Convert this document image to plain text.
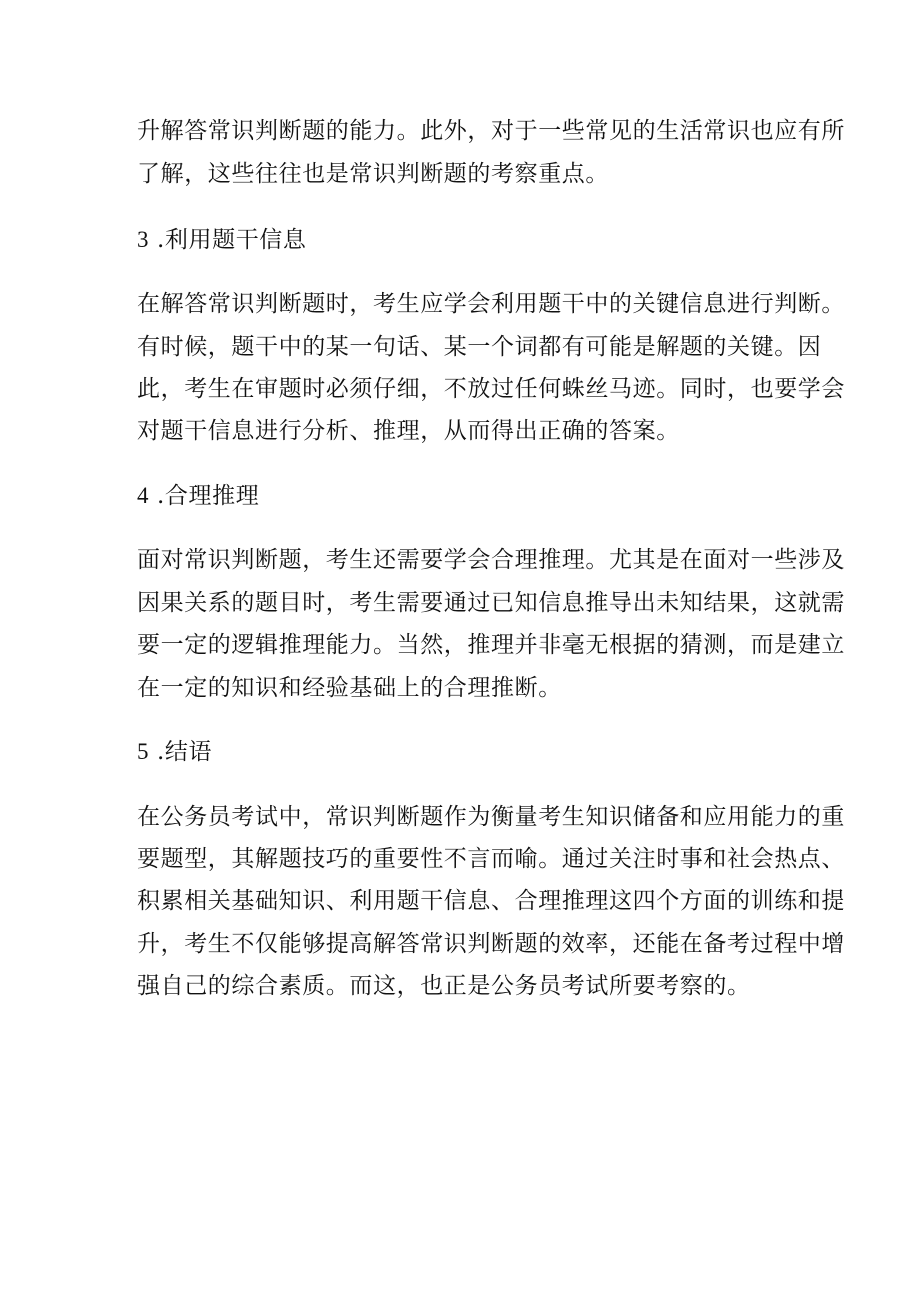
升解答常识判断题的能力。此外，对于一些常见的生活常识也应有所
了解，这些往往也是常识判断题的考察重点。
3 .利用题干信息
在解答常识判断题时，考生应学会利用题干中的关键信息进行判断。
有时候，题干中的某一句话、某一个词都有可能是解题的关键。因
此，考生在审题时必须仔细，不放过任何蛛丝马迹。同时，也要学会
对题干信息进行分析、推理，从而得出正确的答案。
4 .合理推理
面对常识判断题，考生还需要学会合理推理。尤其是在面对一些涉及
因果关系的题目时，考生需要通过已知信息推导出未知结果，这就需
要一定的逻辑推理能力。当然，推理并非毫无根据的猜测，而是建立
在一定的知识和经验基础上的合理推断。
5 .结语
在公务员考试中，常识判断题作为衡量考生知识储备和应用能力的重
要题型，其解题技巧的重要性不言而喻。通过关注时事和社会热点、
积累相关基础知识、利用题干信息、合理推理这四个方面的训练和提
升，考生不仅能够提高解答常识判断题的效率，还能在备考过程中增
强自己的综合素质。而这，也正是公务员考试所要考察的。
